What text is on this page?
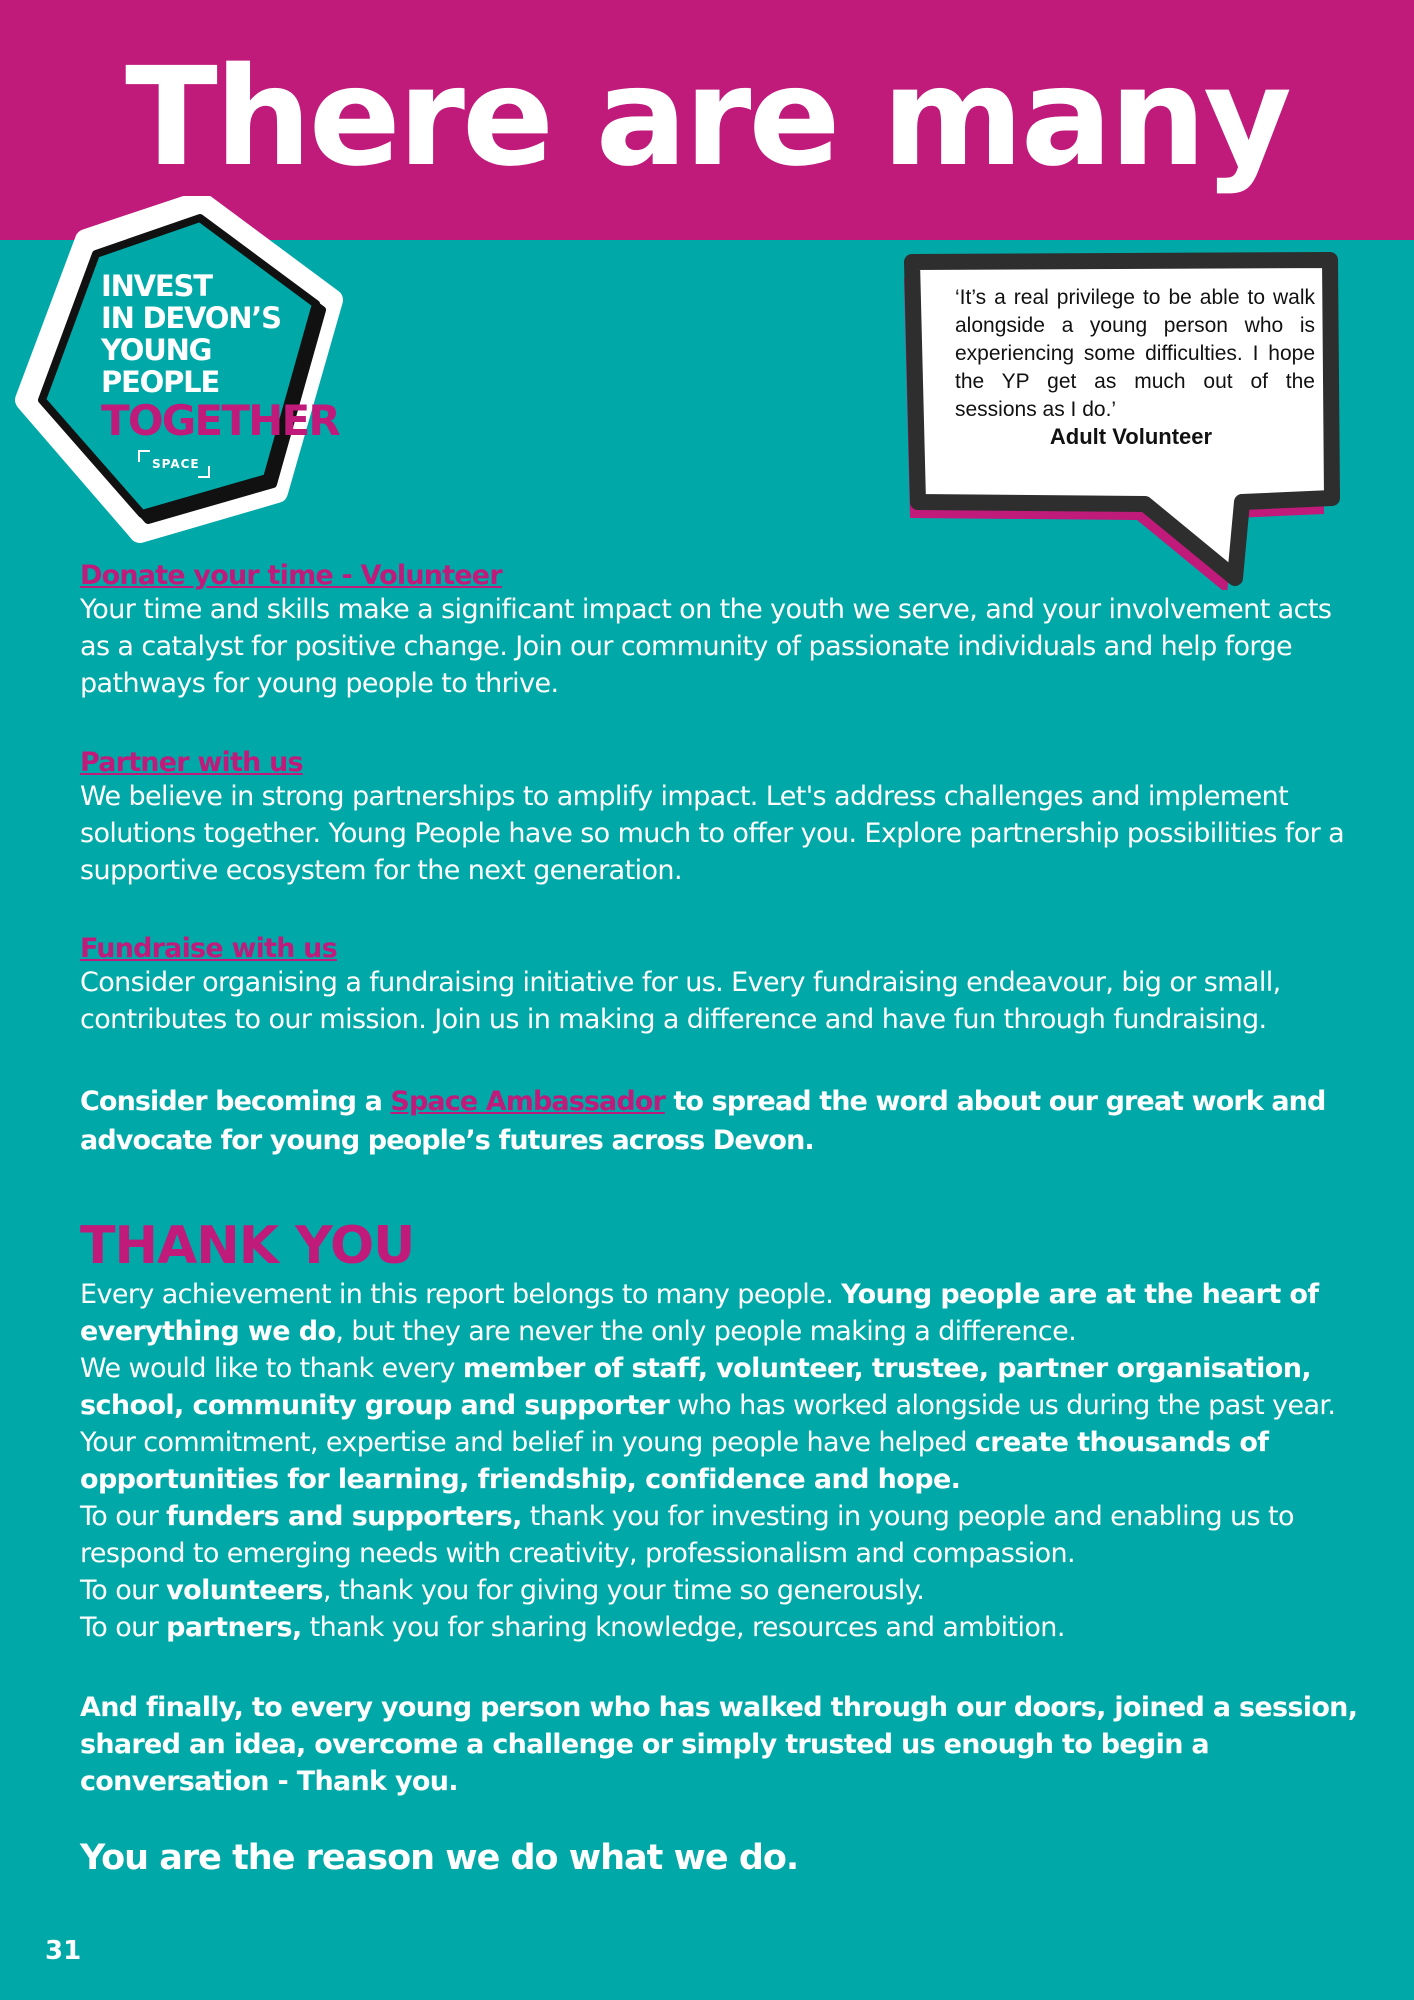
There are many
INVEST
IN DEVON’S
YOUNG
PEOPLE
TOGETHER
SPACE
‘It’s a real privilege to be able to walk alongside a young person who is experiencing some difficulties. I hope the YP get as much out of the sessions as I do.’
Adult Volunteer
Donate your time - Volunteer
Your time and skills make a significant impact on the youth we serve, and your involvement acts as a catalyst for positive change. Join our community of passionate individuals and help forge pathways for young people to thrive.
Partner with us
We believe in strong partnerships to amplify impact. Let's address challenges and implement solutions together. Young People have so much to offer you. Explore partnership possibilities for a supportive ecosystem for the next generation.
Fundraise with us
Consider organising a fundraising initiative for us. Every fundraising endeavour, big or small, contributes to our mission. Join us in making a difference and have fun through fundraising.
Consider becoming a Space Ambassador to spread the word about our great work and advocate for young people’s futures across Devon.
THANK YOU
Every achievement in this report belongs to many people. Young people are at the heart of everything we do, but they are never the only people making a difference.
We would like to thank every member of staff, volunteer, trustee, partner organisation, school, community group and supporter who has worked alongside us during the past year.
Your commitment, expertise and belief in young people have helped create thousands of opportunities for learning, friendship, confidence and hope.
To our funders and supporters, thank you for investing in young people and enabling us to respond to emerging needs with creativity, professionalism and compassion.
To our volunteers, thank you for giving your time so generously.
To our partners, thank you for sharing knowledge, resources and ambition.
And finally, to every young person who has walked through our doors, joined a session, shared an idea, overcome a challenge or simply trusted us enough to begin a conversation - Thank you.
You are the reason we do what we do.
31
